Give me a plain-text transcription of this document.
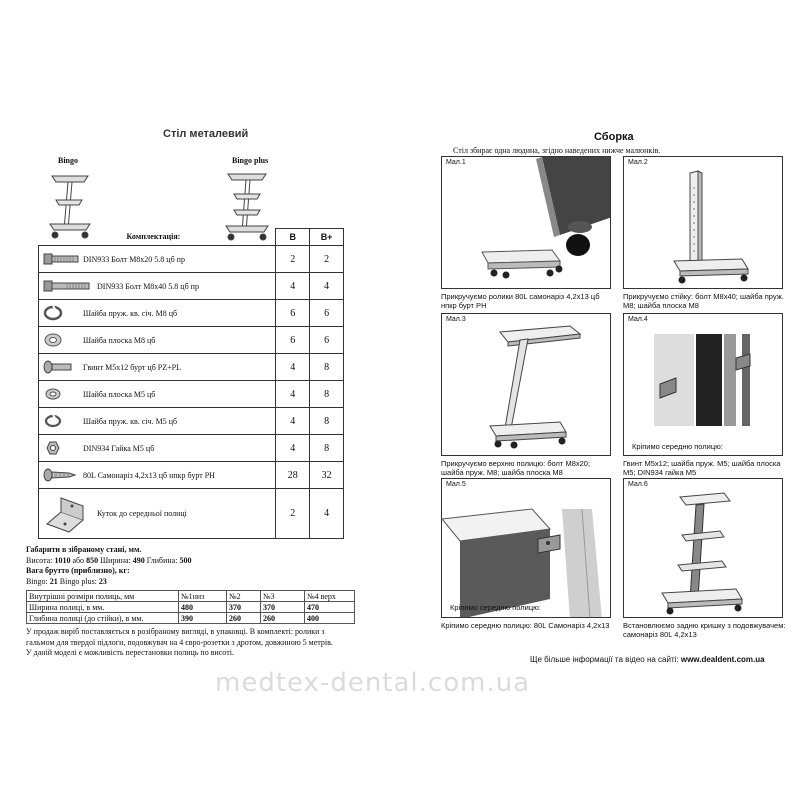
Стіл металевий
Bingo	Bingo plus
Комплектація:	B	B+

DIN933 Болт M8x20 5.8 цб пр	2	2

DIN933 Болт M8x40 5.8 цб пр	4	4

Шайба пруж. кв. січ. M8 цб	6	6

Шайба плоска M8 цб	6	6

Гвинт M5x12 бурт цб PZ+PL	4	8

Шайба плоска M5 цб	4	8

Шайба пруж. кв. січ. M5 цб	4	8

DIN934 Гайка M5 цб	4	8

80L Самонаріз 4,2х13 цб нпкр бурт PH	28	32

Куток до середньої полиці	2	4
Габарити в зібраному стані, мм.
Висота: 1010 або 850 Ширина: 490 Глибина: 500
Вага брутто (приблизно), кг:
Bingo: 21 Bingo plus: 23
Внутрішні розміри полиць, мм	№1низ	№2	№3	№4 верх
Ширина полиці, в мм.	480	370	370	470
Глибина полиці (до стійки), в мм.	390	260	260	400
У продаж виріб поставляється в розібраному вигляді, в упаковці. В комплекті: ролики з гальмом для твердої підлоги, подовжувач на 4 євро-розетки з дротом, довжиною 5 метрів.
У даній моделі є можливість перестановки полиць по висоті.
Сборка
Стіл збирає одна людина, згідно наведених нижче малюнків.
Мал.1
Прикручуємо ролики 80L самонаріз 4,2х13 цб нпкр бурт PH
Мал.2
Прикручуємо стійку: болт M8x40; шайба пруж. M8; шайба плоска M8
Мал.3
Прикручуємо верхню полицю: болт M8x20; шайба пруж. M8; шайба плоска M8
Мал.4
Кріпимо середню полицю:
Гвинт M5x12; шайба пруж. M5; шайба плоска M5; DIN934 гайка M5
Мал.5
Кріпимо середню полицю:
Кріпимо середню полицю: 80L Самонаріз 4,2х13
Мал.6
Встановлюємо задню кришку з подовжувачем: самонаріз 80L 4,2х13
Ще більше інформації та відео на сайті: www.dealdent.com.ua
medtex-dental.com.ua
